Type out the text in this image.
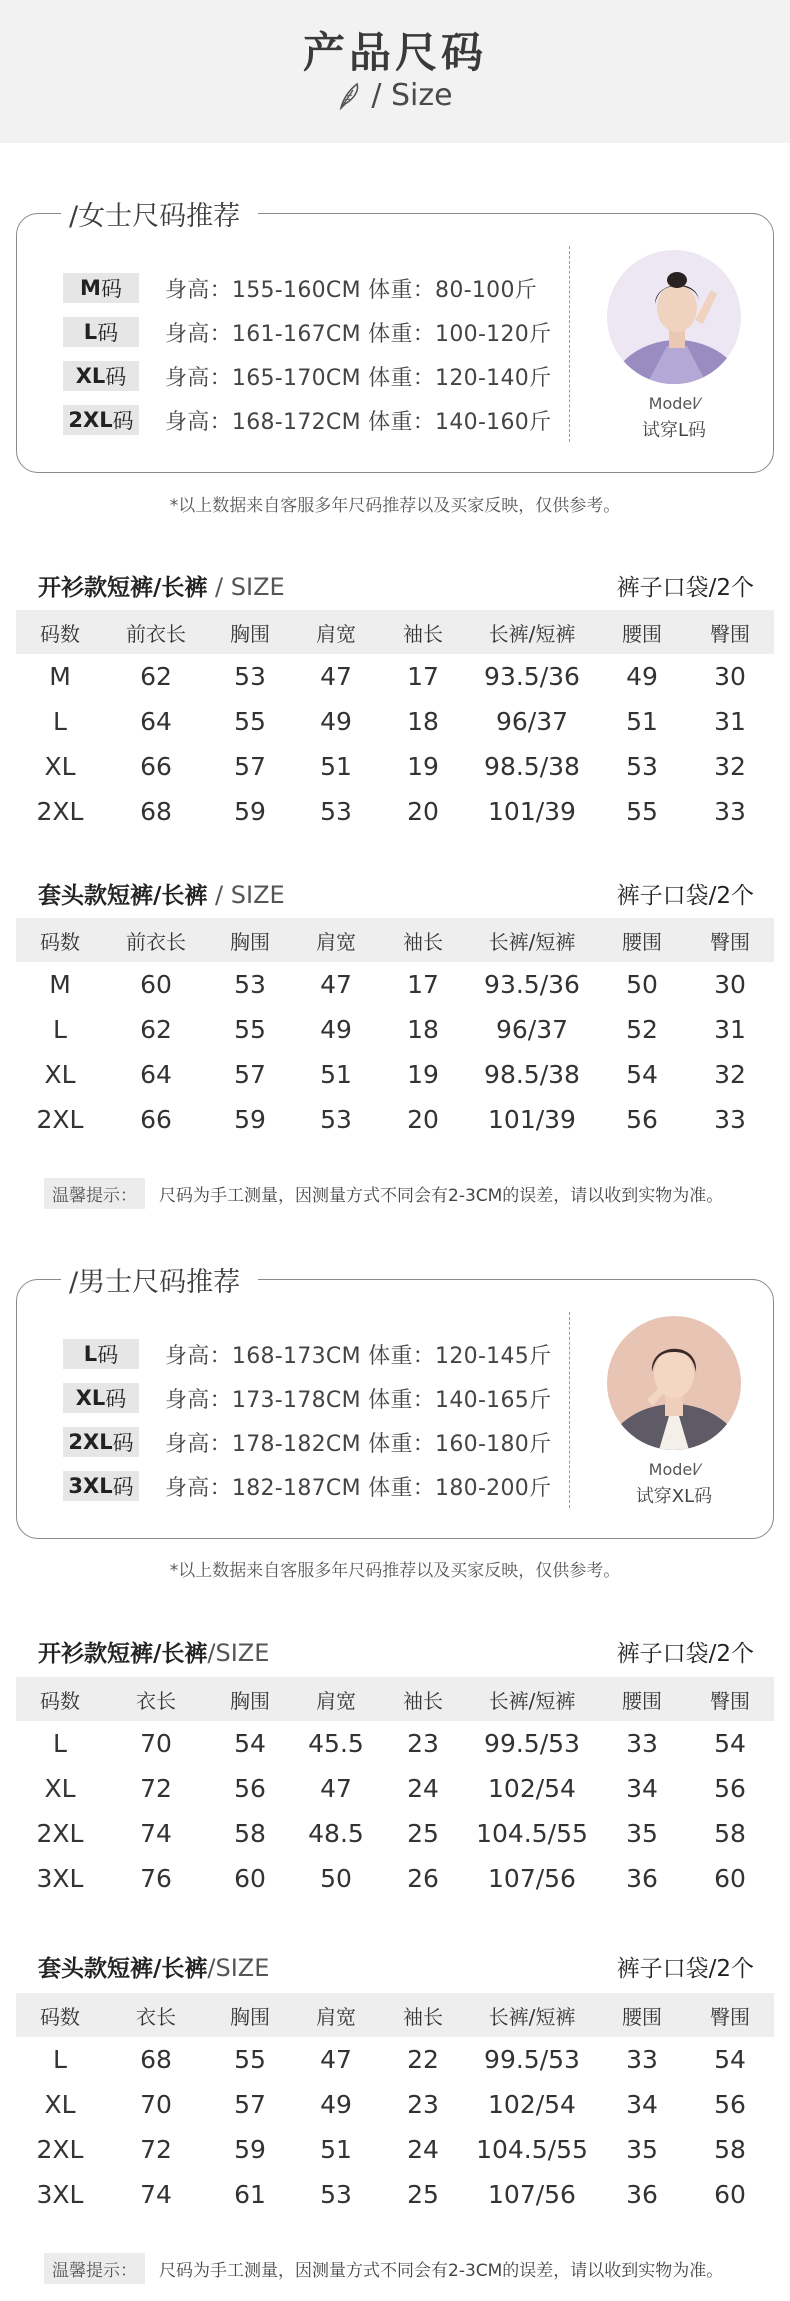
产品尺码
/ Size
/女士尺码推荐
M 码 身高：155-160CM 体重：80-100斤
L 码 身高：161-167CM 体重：100-120斤
XL 码 身高：165-170CM 体重：120-140斤
2XL 码 身高：168-172CM 体重：140-160斤
Model⁄
试穿L码
*以上数据来自客服多年尺码推荐以及买家反映，仅供参考。
开衫款短裤/长裤 / SIZE	裤子口袋/2个
码数	前衣长	胸围	肩宽	袖长	长裤/短裤	腰围	臀围
M	62	53	47	17	93.5/36	49	30
L	64	55	49	18	96/37	51	31
XL	66	57	51	19	98.5/38	53	32
2XL	68	59	53	20	101/39	55	33
套头款短裤/长裤 / SIZE	裤子口袋/2个
码数	前衣长	胸围	肩宽	袖长	长裤/短裤	腰围	臀围
M	60	53	47	17	93.5/36	50	30
L	62	55	49	18	96/37	52	31
XL	64	57	51	19	98.5/38	54	32
2XL	66	59	53	20	101/39	56	33
温馨提示：	尺码为手工测量，因测量方式不同会有2-3CM的误差，请以收到实物为准。
/男士尺码推荐
L 码 身高：168-173CM 体重：120-145斤
XL 码 身高：173-178CM 体重：140-165斤
2XL 码 身高：178-182CM 体重：160-180斤
3XL 码 身高：182-187CM 体重：180-200斤
Model⁄
试穿XL码
*以上数据来自客服多年尺码推荐以及买家反映，仅供参考。
开衫款短裤/长裤/SIZE	裤子口袋/2个
码数	衣长	胸围	肩宽	袖长	长裤/短裤	腰围	臀围
L	70	54	45.5	23	99.5/53	33	54
XL	72	56	47	24	102/54	34	56
2XL	74	58	48.5	25	104.5/55	35	58
3XL	76	60	50	26	107/56	36	60
套头款短裤/长裤/SIZE	裤子口袋/2个
码数	衣长	胸围	肩宽	袖长	长裤/短裤	腰围	臀围
L	68	55	47	22	99.5/53	33	54
XL	70	57	49	23	102/54	34	56
2XL	72	59	51	24	104.5/55	35	58
3XL	74	61	53	25	107/56	36	60
温馨提示：	尺码为手工测量，因测量方式不同会有2-3CM的误差，请以收到实物为准。
